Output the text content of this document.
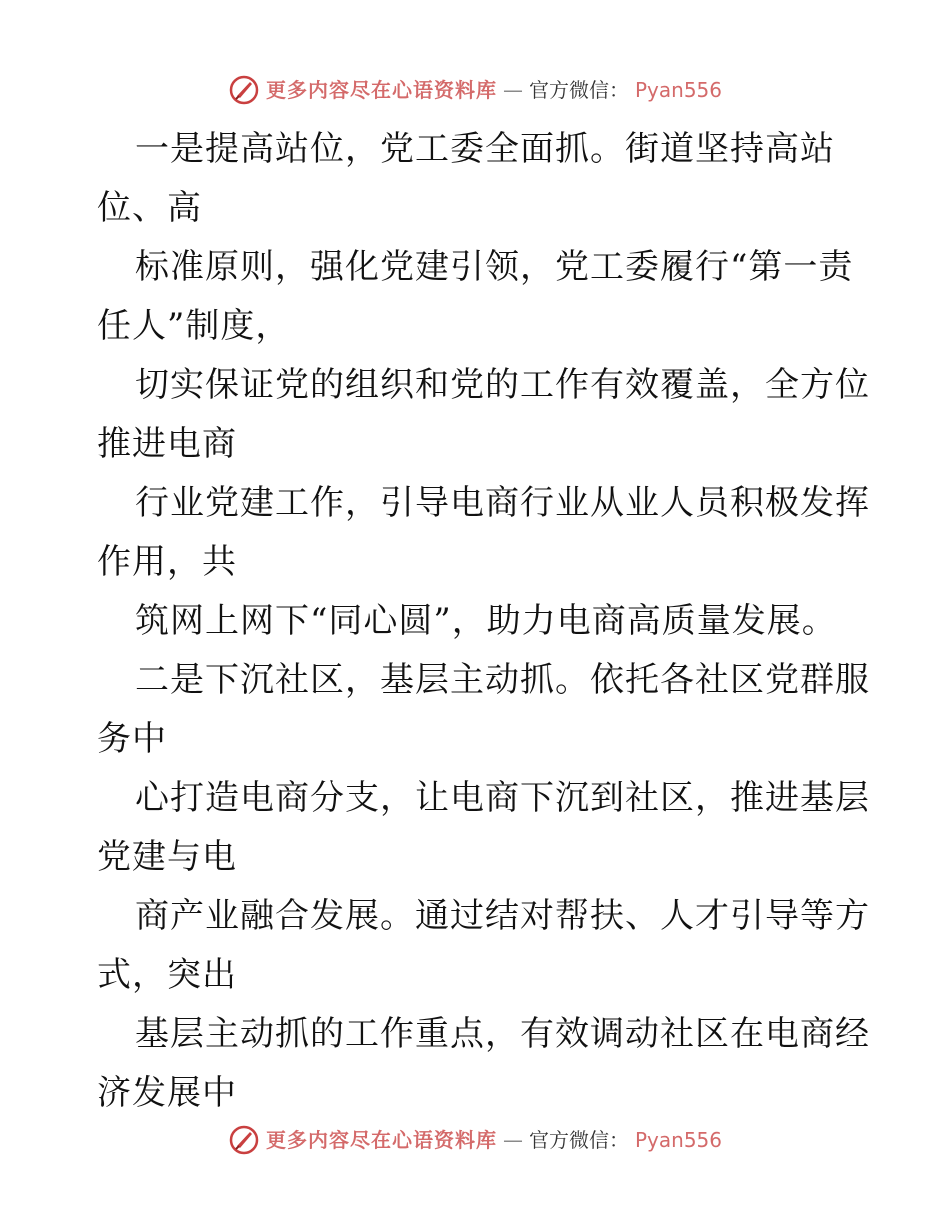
更多内容尽在心语资料库 — 官方微信： Pyan556
一是提高站位，党工委全面抓。街道坚持高站
位、高
标准原则，强化党建引领，党工委履行“第一责
任人”制度，
切实保证党的组织和党的工作有效覆盖，全方位
推进电商
行业党建工作，引导电商行业从业人员积极发挥
作用，共
筑网上网下“同心圆”，助力电商高质量发展。
二是下沉社区，基层主动抓。依托各社区党群服
务中
心打造电商分支，让电商下沉到社区，推进基层
党建与电
商产业融合发展。通过结对帮扶、人才引导等方
式，突出
基层主动抓的工作重点，有效调动社区在电商经
济发展中
更多内容尽在心语资料库 — 官方微信： Pyan556
